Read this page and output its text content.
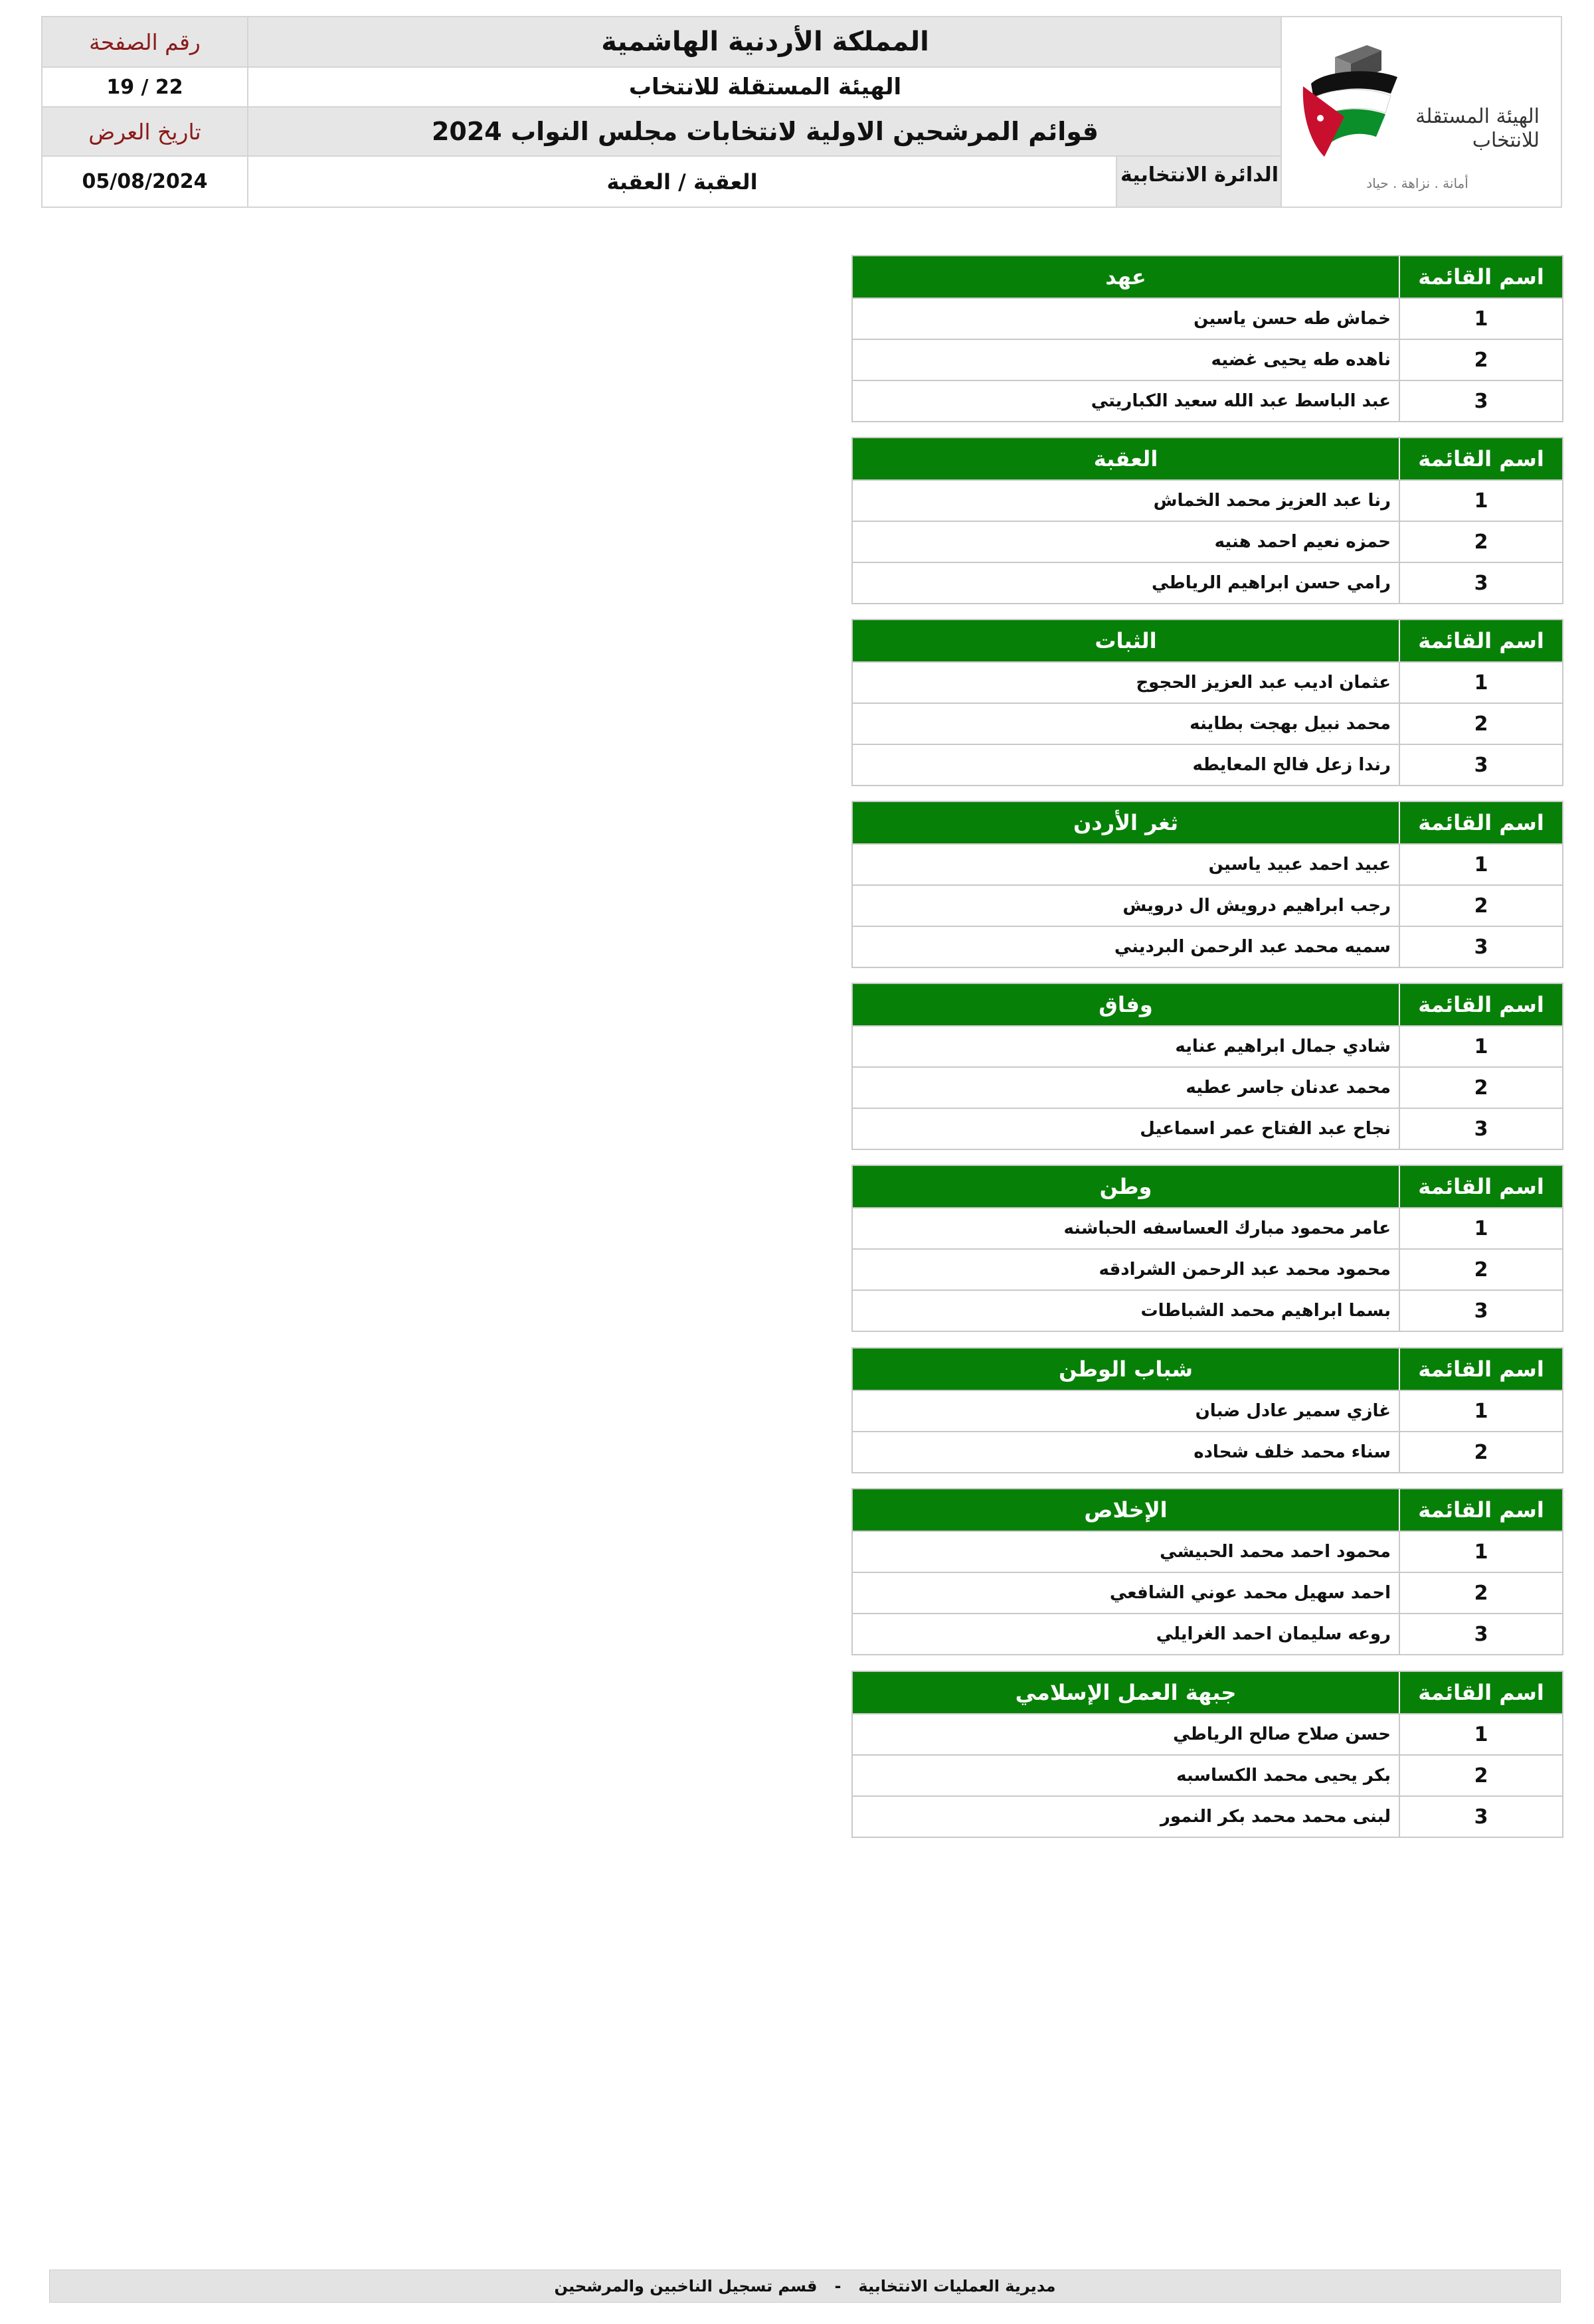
رقم الصفحة
19 / 22
تاريخ العرض
05/08/2024
المملكة الأردنية الهاشمية
الهيئة المستقلة للانتخاب
قوائم المرشحين الاولية لانتخابات مجلس النواب 2024
الدائرة الانتخابية
العقبة / العقبة
الهيئة المستقلة
للانتخاب
أمانة . نزاهة . حياد
اسم القائمة
عهد
1
خماش طه حسن ياسين
2
ناهده طه يحيى غضيه
3
عبد الباسط عبد الله سعيد الكباريتي
اسم القائمة
العقبة
1
رنا عبد العزيز محمد الخماش
2
حمزه نعيم احمد هنيه
3
رامي حسن ابراهيم الرياطي
اسم القائمة
الثبات
1
عثمان اديب عبد العزيز الحجوج
2
محمد نبيل بهجت بطاينه
3
رندا زعل فالح المعايطه
اسم القائمة
ثغر الأردن
1
عبيد احمد عبيد ياسين
2
رجب ابراهيم درويش ال درويش
3
سميه محمد عبد الرحمن البرديني
اسم القائمة
وفاق
1
شادي جمال ابراهيم عنايه
2
محمد عدنان جاسر عطيه
3
نجاح عبد الفتاح عمر اسماعيل
اسم القائمة
وطن
1
عامر محمود مبارك العساسفه الحباشنه
2
محمود محمد عبد الرحمن الشرادقه
3
بسما ابراهيم محمد الشباطات
اسم القائمة
شباب الوطن
1
غازي سمير عادل ضبان
2
سناء محمد خلف شحاده
اسم القائمة
الإخلاص
1
محمود احمد محمد الحبيشي
2
احمد سهيل محمد عوني الشافعي
3
روعه سليمان احمد الغرايلي
اسم القائمة
جبهة العمل الإسلامي
1
حسن صلاح صالح الرياطي
2
بكر يحيى محمد الكساسبه
3
لبنى محمد محمد بكر النمور
مديرية العمليات الانتخابية
-
قسم تسجيل الناخبين والمرشحين
